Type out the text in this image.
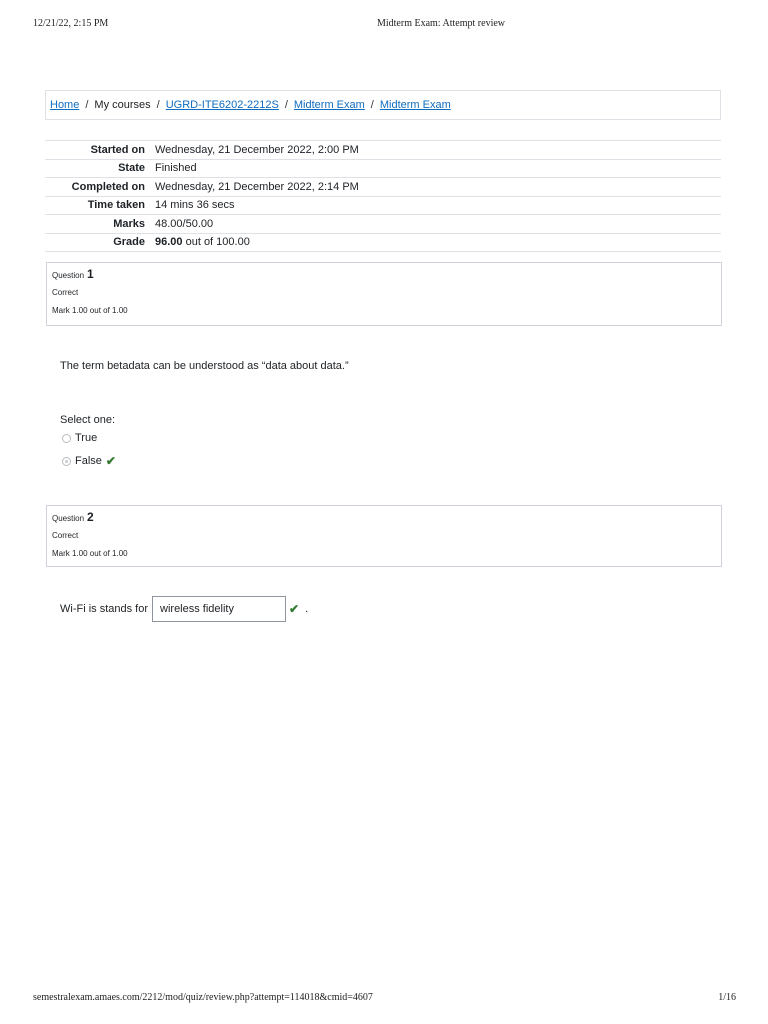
12/21/22, 2:15 PM	Midterm Exam: Attempt review
Home / My courses / UGRD-ITE6202-2212S / Midterm Exam / Midterm Exam
Started on	Wednesday, 21 December 2022, 2:00 PM
State	Finished
Completed on	Wednesday, 21 December 2022, 2:14 PM
Time taken	14 mins 36 secs
Marks	48.00/50.00
Grade	96.00 out of 100.00
Question 1
Correct
Mark 1.00 out of 1.00
The term betadata can be understood as “data about data.”
Select one:
True
False ✔
Question 2
Correct
Mark 1.00 out of 1.00
Wi-Fi is stands for	wireless fidelity	✔ .
semestralexam.amaes.com/2212/mod/quiz/review.php?attempt=114018&cmid=4607	1/16
